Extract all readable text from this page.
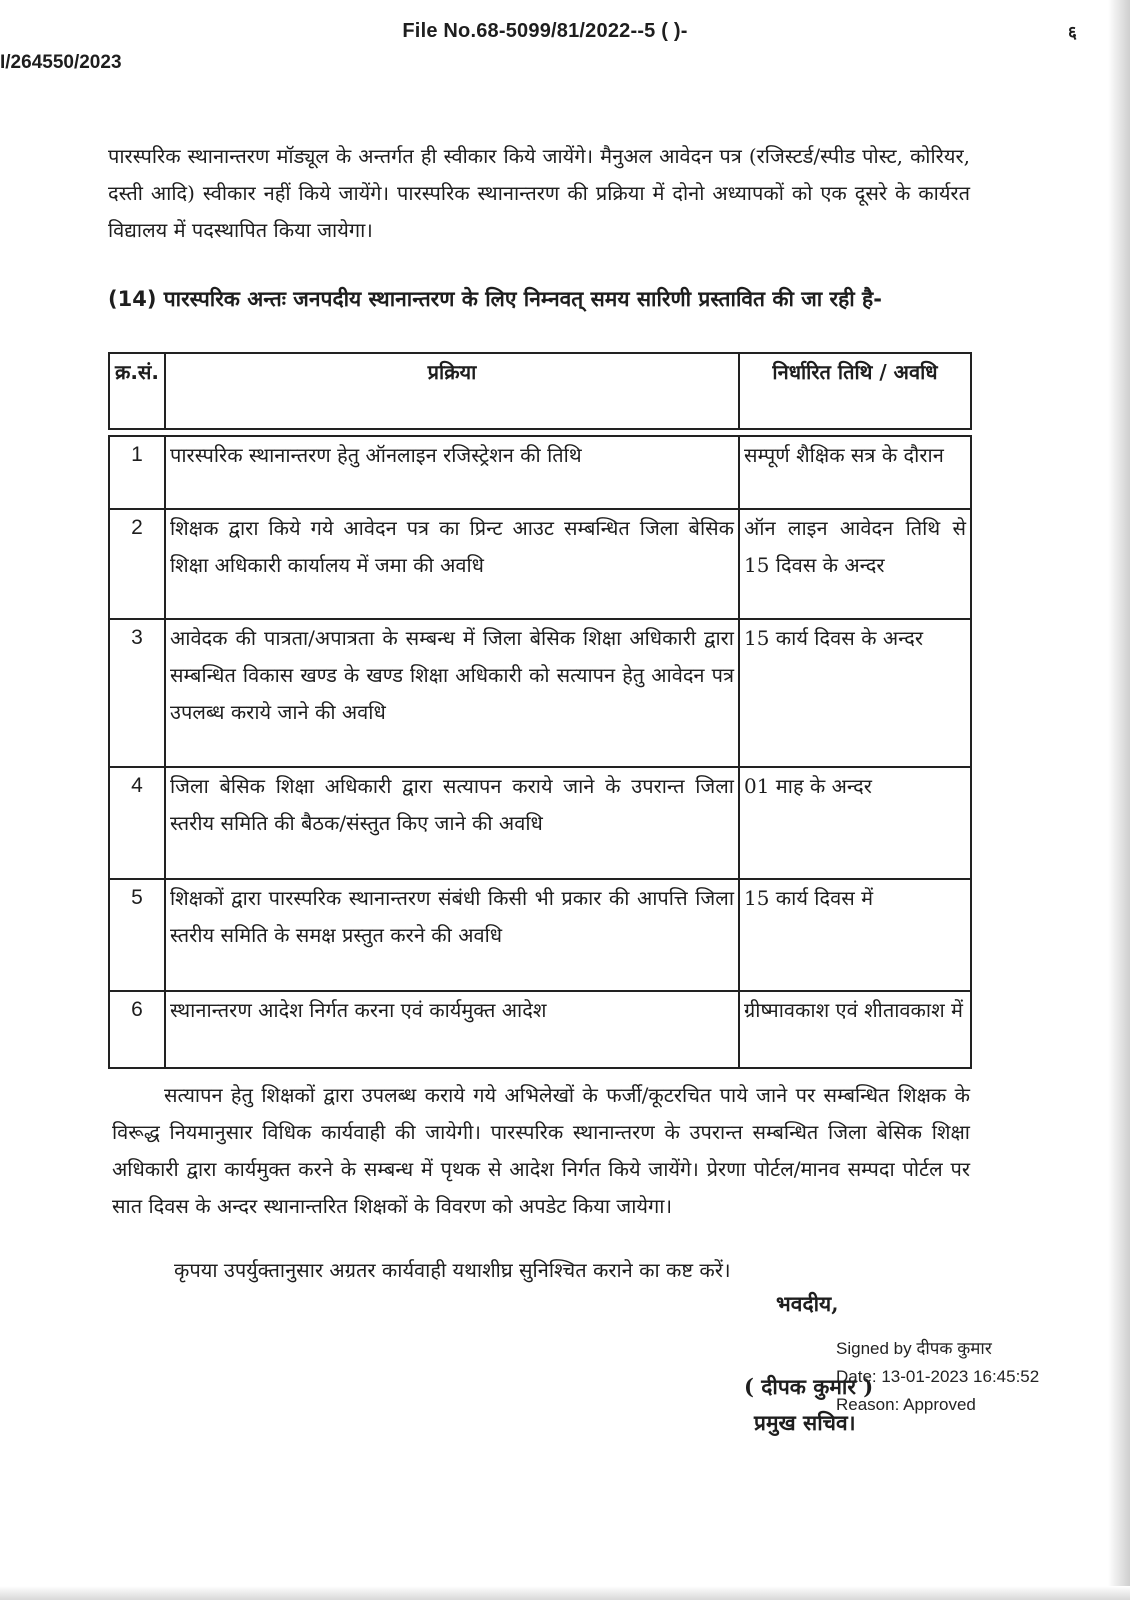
File No.68-5099/81/2022--5 ( )-	६
I/264550/2023
पारस्परिक स्थानान्तरण मॉड्यूल के अन्तर्गत ही स्वीकार किये जायेंगे। मैनुअल आवेदन पत्र (रजिस्टर्ड/स्पीड पोस्ट, कोरियर, दस्ती आदि) स्वीकार नहीं किये जायेंगे। पारस्परिक स्थानान्तरण की प्रक्रिया में दोनो अध्यापकों को एक दूसरे के कार्यरत विद्यालय में पदस्थापित किया जायेगा।
(14) पारस्परिक अन्तः जनपदीय स्थानान्तरण के लिए निम्नवत् समय सारिणी प्रस्तावित की जा रही है-
क्र.सं.	प्रक्रिया	निर्धारित तिथि / अवधि

1	पारस्परिक स्थानान्तरण हेतु ऑनलाइन रजिस्ट्रेशन की तिथि	सम्पूर्ण शैक्षिक सत्र के दौरान
2	शिक्षक द्वारा किये गये आवेदन पत्र का प्रिन्ट आउट सम्बन्धित जिला बेसिक शिक्षा अधिकारी कार्यालय में जमा की अवधि	ऑन लाइन आवेदन तिथि से 15 दिवस के अन्दर
3	आवेदक की पात्रता/अपात्रता के सम्बन्ध में जिला बेसिक शिक्षा अधिकारी द्वारा सम्बन्धित विकास खण्ड के खण्ड शिक्षा अधिकारी को सत्यापन हेतु आवेदन पत्र उपलब्ध कराये जाने की अवधि	15 कार्य दिवस के अन्दर
4	जिला बेसिक शिक्षा अधिकारी द्वारा सत्यापन कराये जाने के उपरान्त जिला स्तरीय समिति की बैठक/संस्तुत किए जाने की अवधि	01 माह के अन्दर
5	शिक्षकों द्वारा पारस्परिक स्थानान्तरण संबंधी किसी भी प्रकार की आपत्ति जिला स्तरीय समिति के समक्ष प्रस्तुत करने की अवधि	15 कार्य दिवस में
6	स्थानान्तरण आदेश निर्गत करना एवं कार्यमुक्त आदेश	ग्रीष्मावकाश एवं शीतावकाश में
सत्यापन हेतु शिक्षकों द्वारा उपलब्ध कराये गये अभिलेखों के फर्जी/कूटरचित पाये जाने पर सम्बन्धित शिक्षक के विरूद्ध नियमानुसार विधिक कार्यवाही की जायेगी। पारस्परिक स्थानान्तरण के उपरान्त सम्बन्धित जिला बेसिक शिक्षा अधिकारी द्वारा कार्यमुक्त करने के सम्बन्ध में पृथक से आदेश निर्गत किये जायेंगे। प्रेरणा पोर्टल/मानव सम्पदा पोर्टल पर सात दिवस के अन्दर स्थानान्तरित शिक्षकों के विवरण को अपडेट किया जायेगा।
कृपया उपर्युक्तानुसार अग्रतर कार्यवाही यथाशीघ्र सुनिश्चित कराने का कष्ट करें।
भवदीय,
Signed by दीपक कुमार
Date: 13-01-2023 16:45:52
Reason: Approved
( दीपक कुमार )
प्रमुख सचिव।
